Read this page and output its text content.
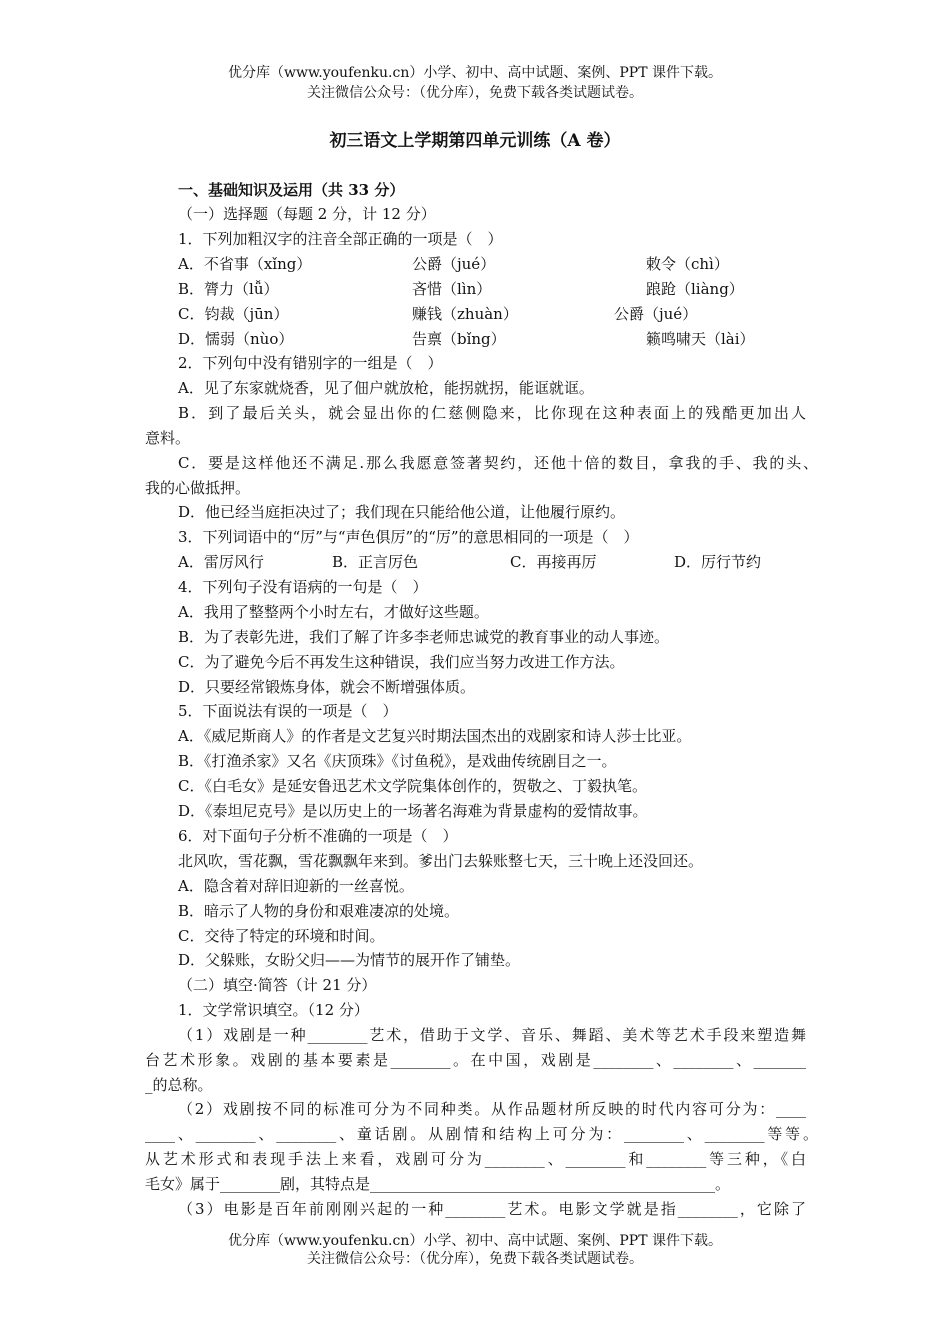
优分库（www.youfenku.cn）小学、初中、高中试题、案例、PPT 课件下载。
关注微信公众号：（优分库），免费下载各类试题试卷。
初三语文上学期第四单元训练（A 卷）
一、基础知识及运用（共 33 分）
（一）选择题（每题 2 分，计 12 分）
1．下列加粗汉字的注音全部正确的一项是（　）
A．不省事（xǐng）	公爵（jué）	敕令（chì）
B．膂力（lǚ）	吝惜（lìn）	踉跄（liàng）
C．钧裁（jūn）	赚钱（zhuàn）	公爵（jué）
D．懦弱（nùo）	告禀（bǐng）	籁鸣啸天（lài）
2．下列句中没有错别字的一组是（　）
A．见了东家就烧香，见了佃户就放枪，能拐就拐，能诓就诓。
B．到了最后关头，就会显出你的仁慈侧隐来，比你现在这种表面上的残酷更加出人
意料。
C．要是这样他还不满足.那么我愿意签著契约，还他十倍的数目，拿我的手、我的头、
我的心做抵押。
D．他已经当庭拒决过了；我们现在只能给他公道，让他履行原约。
3．下列词语中的“厉”与“声色俱厉”的“厉”的意思相同的一项是（　）
A．雷厉风行	B．正言厉色	C．再接再厉	D．厉行节约
4．下列句子没有语病的一句是（　）
A．我用了整整两个小时左右，才做好这些题。
B．为了表彰先进，我们了解了许多李老师忠诚党的教育事业的动人事迹。
C．为了避免今后不再发生这种错误，我们应当努力改进工作方法。
D．只要经常锻炼身体，就会不断增强体质。
5．下面说法有误的一项是（　）
A．《威尼斯商人》的作者是文艺复兴时期法国杰出的戏剧家和诗人莎士比亚。
B．《打渔杀家》又名《庆顶珠》《讨鱼税》，是戏曲传统剧目之一。
C．《白毛女》是延安鲁迅艺术文学院集体创作的，贺敬之、丁毅执笔。
D．《泰坦尼克号》是以历史上的一场著名海难为背景虚构的爱情故事。
6．对下面句子分析不准确的一项是（　）
北风吹，雪花飘，雪花飘飘年来到。爹出门去躲账整七天，三十晚上还没回还。
A．隐含着对辞旧迎新的一丝喜悦。
B．暗示了人物的身份和艰难凄凉的处境。
C．交待了特定的环境和时间。
D．父躲账，女盼父归——为情节的展开作了铺垫。
（二）填空·简答（计 21 分）
1．文学常识填空。（12 分）
（1）戏剧是一种________艺术，借助于文学、音乐、舞蹈、美术等艺术手段来塑造舞
台艺术形象。戏剧的基本要素是________。在中国，戏剧是________、________、_______
_的总称。
（2）戏剧按不同的标准可分为不同种类。从作品题材所反映的时代内容可分为：____
____、________、________、童话剧。从剧情和结构上可分为：________、________等等。
从艺术形式和表现手法上来看，戏剧可分为________、________和________等三种，《白
毛女》属于________剧，其特点是______________________________________________。
（3）电影是百年前刚刚兴起的一种________艺术。电影文学就是指________，它除了
优分库（www.youfenku.cn）小学、初中、高中试题、案例、PPT 课件下载。
关注微信公众号：（优分库），免费下载各类试题试卷。
